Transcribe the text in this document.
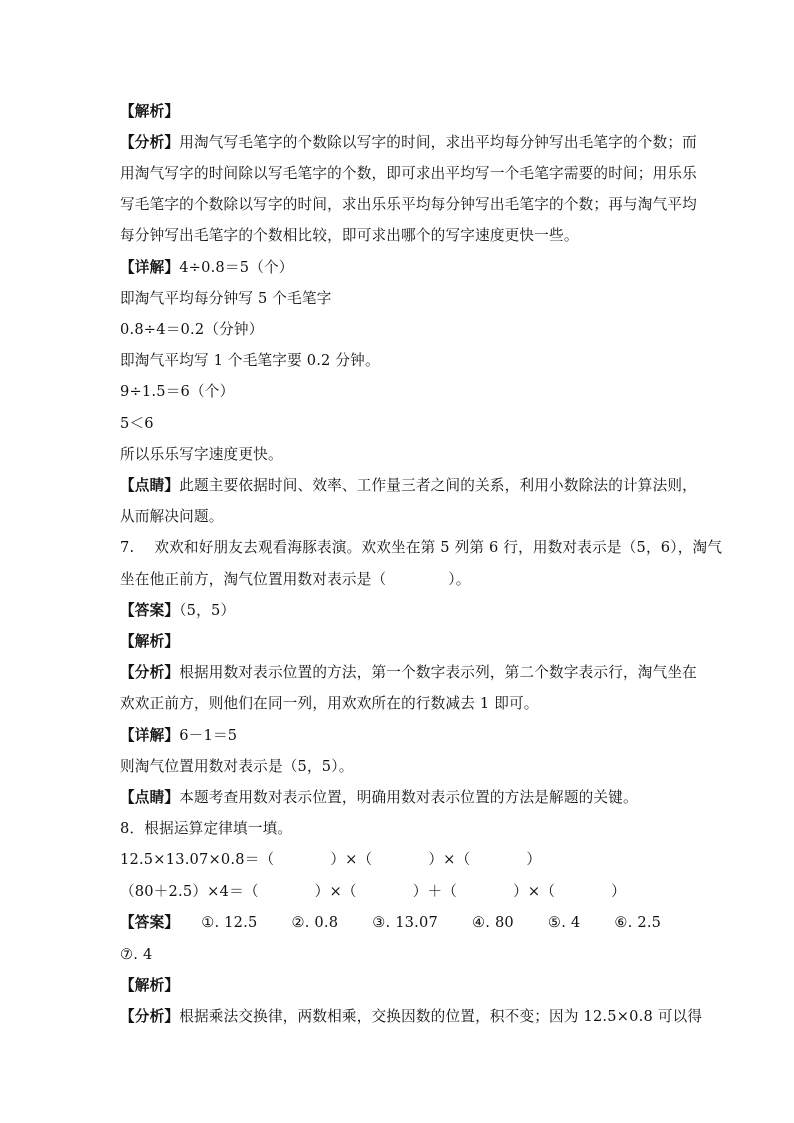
【解析】
【分析】用淘气写毛笔字的个数除以写字的时间，求出平均每分钟写出毛笔字的个数；而
用淘气写字的时间除以写毛笔字的个数，即可求出平均写一个毛笔字需要的时间；用乐乐
写毛笔字的个数除以写字的时间，求出乐乐平均每分钟写出毛笔字的个数；再与淘气平均
每分钟写出毛笔字的个数相比较，即可求出哪个的写字速度更快一些。
【详解】4÷0.8＝5（个）
即淘气平均每分钟写 5 个毛笔字
0.8÷4＝0.2（分钟）
即淘气平均写 1 个毛笔字要 0.2 分钟。
9÷1.5＝6（个）
5＜6
所以乐乐写字速度更快。
【点睛】此题主要依据时间、效率、工作量三者之间的关系，利用小数除法的计算法则，
从而解决问题。
7. 欢欢和好朋友去观看海豚表演。欢欢坐在第 5 列第 6 行，用数对表示是（5，6），淘气
坐在他正前方，淘气位置用数对表示是（	）。
【答案】（5，5）
【解析】
【分析】根据用数对表示位置的方法，第一个数字表示列，第二个数字表示行，淘气坐在
欢欢正前方，则他们在同一列，用欢欢所在的行数减去 1 即可。
【详解】6－1＝5
则淘气位置用数对表示是（5，5）。
【点睛】本题考查用数对表示位置，明确用数对表示位置的方法是解题的关键。
8．根据运算定律填一填。
12.5×13.07×0.8＝（	）×（	）×（	）
（80＋2.5）×4＝（	）×（	）＋（	）×（	）
【答案】 ①. 12.5 ②. 0.8 ③. 13.07 ④. 80 ⑤. 4 ⑥. 2.5
⑦. 4
【解析】
【分析】根据乘法交换律，两数相乘，交换因数的位置，积不变；因为 12.5×0.8 可以得
